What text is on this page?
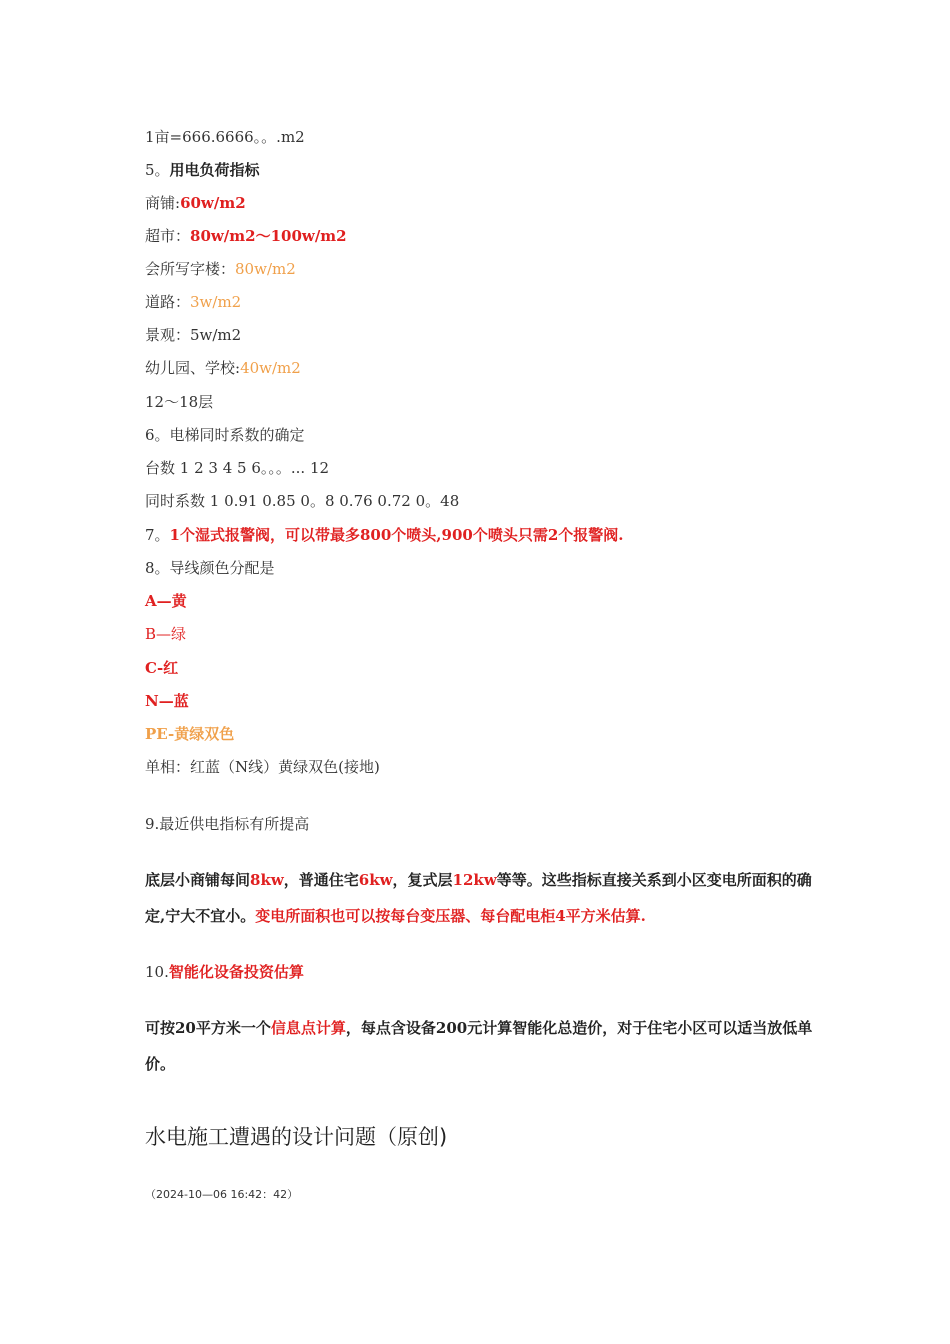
1亩=666.6666。。.m2
5。用电负荷指标
商铺:60w/m2
超市：80w/m2～100w/m2
会所写字楼：80w/m2
道路：3w/m2
景观：5w/m2
幼儿园、学校:40w/m2
12～18层
6。电梯同时系数的确定
台数 1 2 3 4 5 6。。。... 12
同时系数 1 0.91 0.85 0。8 0.76 0.72 0。48
7。1个湿式报警阀，可以带最多800个喷头,900个喷头只需2个报警阀.
8。导线颜色分配是
A—黄
B—绿
C-红
N—蓝
PE-黄绿双色
单相：红蓝（N线）黄绿双色(接地)
9.最近供电指标有所提高
底层小商铺每间8kw，普通住宅6kw，复式层12kw等等。这些指标直接关系到小区变电所面积的确定,宁大不宜小。变电所面积也可以按每台变压器、每台配电柜4平方米估算.
10.智能化设备投资估算
可按20平方米一个信息点计算，每点含设备200元计算智能化总造价，对于住宅小区可以适当放低单价。
水电施工遭遇的设计问题（原创)
（2024-10—06 16:42：42）
